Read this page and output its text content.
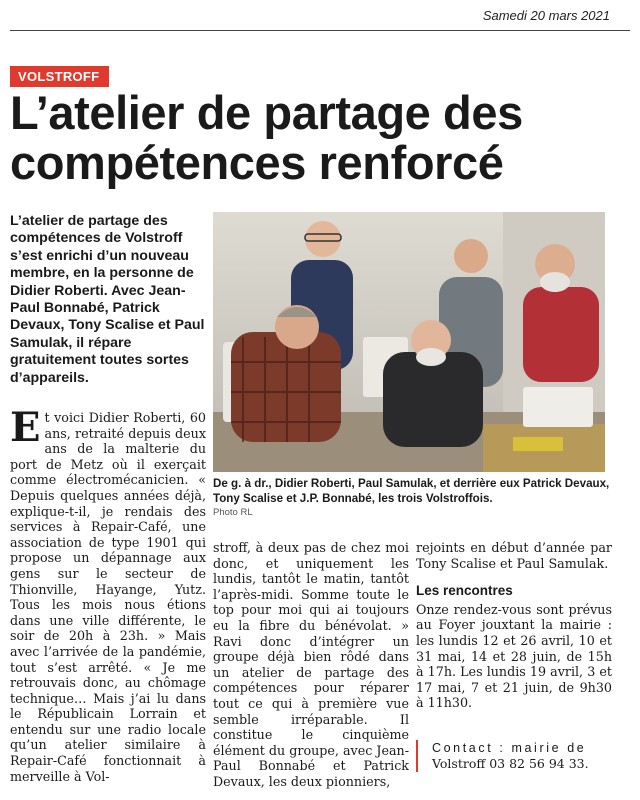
Samedi 20 mars 2021
VOLSTROFF
L’atelier de partage des
compétences renforcé
L’atelier de partage des compétences de Volstroff s’est enrichi d’un nouveau membre, en la personne de Didier Roberti. Avec Jean-Paul Bonnabé, Patrick Devaux, Tony Scalise et Paul Samulak, il répare gratuitement toutes sortes d’appareils.
De g. à dr., Didier Roberti, Paul Samulak, et derrière eux Patrick Devaux, Tony Scalise et J.P. Bonnabé, les trois Volstroffois.
Photo RL
E t voici Didier Roberti, 60 ans, retraité depuis deux ans de la malterie du port de Metz où il exerçait comme électromécanicien. « Depuis quelques années déjà, explique-t-il, je rendais des services à Repair-Café, une association de type 1901 qui propose un dépannage aux gens sur le secteur de Thionville, Hayange, Yutz. Tous les mois nous étions dans une ville différente, le soir de 20h à 23h. » Mais avec l’arrivée de la pandémie, tout s’est arrêté. « Je me retrouvais donc, au chômage technique… Mais j’ai lu dans le Républicain Lorrain et entendu sur une radio locale qu’un atelier similaire à Repair-Café fonctionnait à merveille à Vol-

stroff, à deux pas de chez moi donc, et uniquement les lundis, tantôt le matin, tantôt l’après-midi. Somme toute le top pour moi qui ai toujours eu la fibre du bénévolat. » Ravi donc d’intégrer un groupe déjà bien rôdé dans un atelier de partage des compétences pour réparer tout ce qui à première vue semble irréparable. Il constitue le cinquième élément du groupe, avec Jean-Paul Bonnabé et Patrick Devaux, les deux pionniers,

rejoints en début d’année par Tony Scalise et Paul Samulak.

Les rencontres

Onze rendez-vous sont prévus au Foyer jouxtant la mairie : les lundis 12 et 26 avril, 10 et 31 mai, 14 et 28 juin, de 15h à 17h. Les lundis 19 avril, 3 et 17 mai, 7 et 21 juin, de 9h30 à 11h30.

Contact : mairie de
Volstroff 03 82 56 94 33.
